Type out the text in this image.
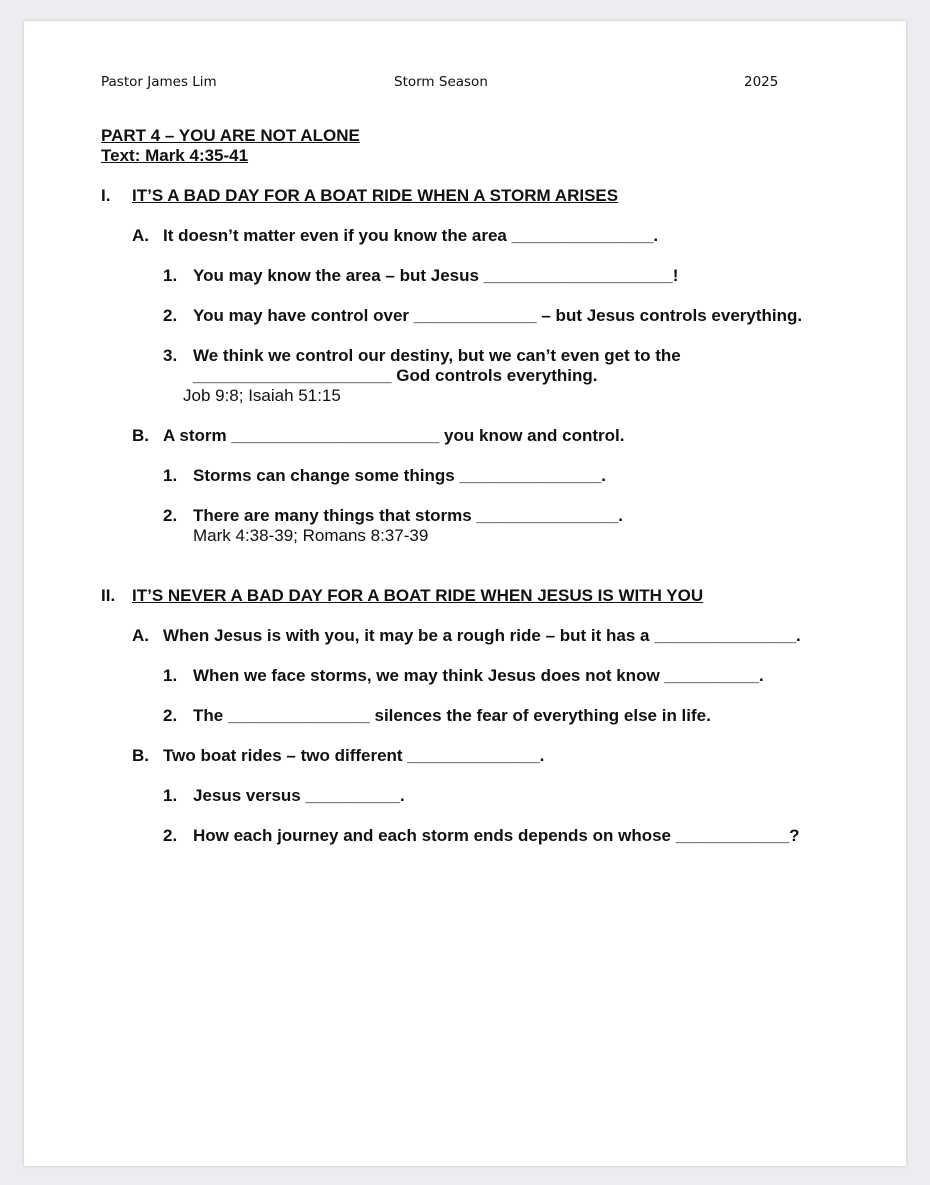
Pastor James Lim	Storm Season	2025
PART 4 – YOU ARE NOT ALONE
Text: Mark 4:35-41
I. IT’S A BAD DAY FOR A BOAT RIDE WHEN A STORM ARISES
A. It doesn’t matter even if you know the area _______________.
1. You may know the area – but Jesus ____________________!
2. You may have control over _____________ – but Jesus controls everything.
3. We think we control our destiny, but we can’t even get to the
_____________________ God controls everything.
Job 9:8; Isaiah 51:15
B. A storm ______________________ you know and control.
1. Storms can change some things _______________.
2. There are many things that storms _______________.
Mark 4:38-39; Romans 8:37-39
II. IT’S NEVER A BAD DAY FOR A BOAT RIDE WHEN JESUS IS WITH YOU
A. When Jesus is with you, it may be a rough ride – but it has a _______________.
1. When we face storms, we may think Jesus does not know __________.
2. The _______________ silences the fear of everything else in life.
B. Two boat rides – two different ______________.
1. Jesus versus __________.
2. How each journey and each storm ends depends on whose ____________?
